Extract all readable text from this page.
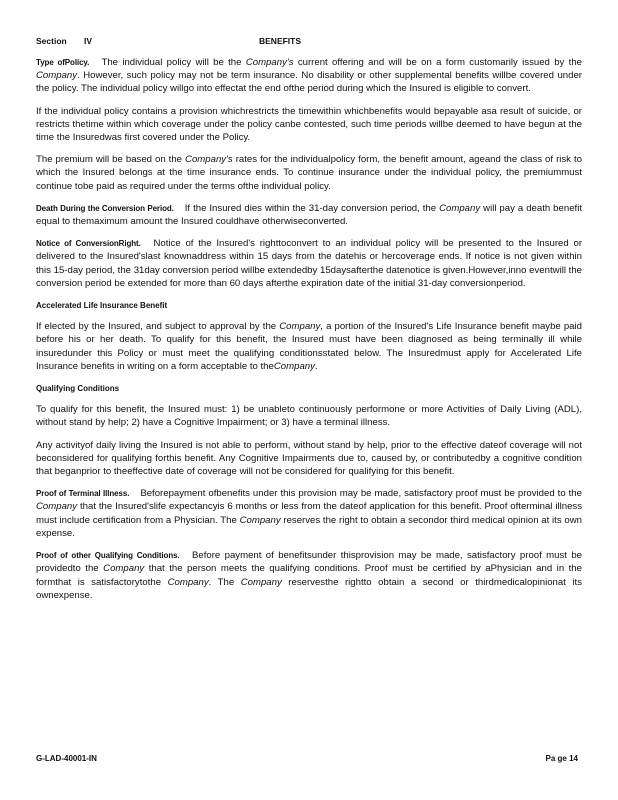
Section IV	BENEFITS

Type ofPolicy. The individual policy will be the Company's current offering and will be on a form customarily issued by the Company. However, such policy may not be term insurance. No disability or other supplemental benefits willbe covered under the policy. The individual policy willgo into effectat the end ofthe period during which the Insured is eligible to convert.

If the individual policy contains a provision whichrestricts the timewithin whichbenefits would bepayable asa result of suicide, or restricts thetime within which coverage under the policy canbe contested, such time periods willbe deemed to have begun at the time the Insuredwas first covered under the Policy.

The premium will be based on the Company's rates for the individualpolicy form, the benefit amount, ageand the class of risk to which the Insured belongs at the time insurance ends. To continue insurance under the individual policy, the premiummust continue tobe paid as required under the terms ofthe individual policy.

Death During the Conversion Period. If the Insured dies within the 31-day conversion period, the Company will pay a death benefit equal to themaximum amount the Insured couldhave otherwiseconverted.

Notice of ConversionRight. Notice of the Insured's righttoconvert to an individual policy will be presented to the Insured or delivered to the Insured'slast knownaddress within 15 days from the datehis or hercoverage ends. If notice is not given within this 15-day period, the 31day conversion period willbe extendedby 15daysafterthe datenotice is given.However,inno eventwill the conversion period be extended for more than 60 days afterthe expiration date of the initial 31-day conversionperiod.

Accelerated Life Insurance Benefit

If elected by the Insured, and subject to approval by the Company, a portion of the Insured's Life Insurance benefit maybe paid before his or her death. To qualify for this benefit, the Insured must have been diagnosed as being terminally ill while insuredunder this Policy or must meet the qualifying conditionsstated below. The Insuredmust apply for Accelerated Life Insurance benefits in writing on a form acceptable to theCompany.

Qualifying Conditions

To qualify for this benefit, the Insured must: 1) be unableto continuously performone or more Activities of Daily Living (ADL), without stand by help; 2) have a Cognitive Impairment; or 3) have a terminal illness.

Any activityof daily living the Insured is not able to perform, without stand by help, prior to the effective dateof coverage will not beconsidered for qualifying forthis benefit. Any Cognitive Impairments due to, caused by, or contributedby a cognitive condition that beganprior to theeffective date of coverage will not be considered for qualifying for this benefit.

Proof of Terminal Illness. Beforepayment ofbenefits under this provision may be made, satisfactory proof must be provided to the Company that the Insured'slife expectancyis 6 months or less from the dateof application for this benefit. Proof ofterminal illness must include certification from a Physician. The Company reserves the right to obtain a secondor third medical opinion at its own expense.

Proof of other Qualifying Conditions. Before payment of benefitsunder thisprovision may be made, satisfactory proof must be providedto the Company that the person meets the qualifying conditions. Proof must be certified by aPhysician and in the formthat is satisfactorytothe Company. The Company reservesthe rightto obtain a second or thirdmedicalopinionat its ownexpense.

G-LAD-40001-IN	Pa ge 14
